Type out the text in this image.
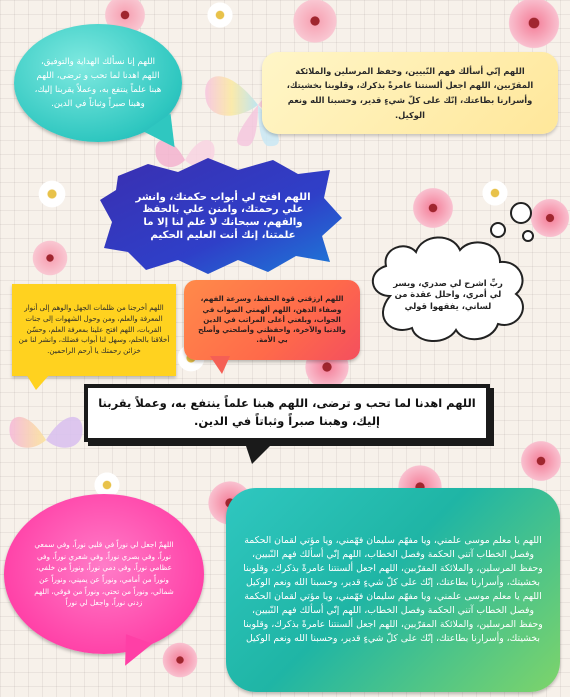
اللهم إنا نسألك الهداية والتوفيق، اللهم اهدنا لما تحب و ترضى، اللهم هبنا علماً ينتفع به، وعملاً يقربنا إليك، وهبنا صبراً وثباتاً في الدين.

اللهم إنّي أسألك فهم النّبيين، وحفظ المرسلين والملائكة المقرّبين، اللهم اجعل ألسنتنا عامرةً بذكرك، وقلوبنا بخشيتك، وأسرارنا بطاعتك، إنّك على كلّ شيءٍ قدير، وحسبنا الله ونعم الوكيل.

اللهم افتح لي أبواب حكمتك، وانشر علي رحمتك، وامنن علي بالحفظ والفهم، سبحانك لا علم لنا إلا ما علمتنا، إنك أنت العليم الحكيم

اللهم أخرجنا من ظلمات الجهل والوهم إلى أنوار المعرفة والعلم، ومن وحول الشهوات إلى جنات القربات، اللهم افتح علينا بمعرفة العلم، وحسّن أخلاقنا بالحلم، وسهل لنا أبواب فضلك، وانشر لنا من خزائن رحمتك يا أرحم الراحمين.

اللهم ارزقني قوة الحفظ، وسرعة الفهم، وصفاء الذهن، اللهم ألهمني الصواب في الجواب، وبلغني أعلى المراتب في الدين والدنيا والآخرة، واحفظني وأصلحني وأصلح بي الأمة.

ربِّ اشرح لي صدري، ويسر لي أمري، واحلل عقدة من لساني، يفقهوا قولي

اللهم اهدنا لما تحب و ترضى، اللهم هبنا علماً ينتفع به، وعملاً يقربنا إليك، وهبنا صبراً وثباتاً في الدين.

اللهمّ اجعل لي نوراً في قلبي نوراً، وفي سمعي نوراً، وفي بصري نوراً، وفي شعري نوراً، وفي عظامي نوراً، وفي دمي نوراً، ونوراً من خلفي، ونوراً من أمامي، ونوراً عن يميني، ونوراً عن شمالي، ونوراً من تحتي، ونوراً من فوقي، اللهم زدني نوراً، واجعل لي نوراً

اللهم يا معلم موسى علمني، ويا مفهّم سليمان فهّمني، ويا مؤتي لقمان الحكمة وفصل الخطاب آتني الحكمة وفصل الخطاب، اللهم إنّي أسألك فهم النّبيين، وحفظ المرسلين، والملائكة المقرّبين، اللهم اجعل ألسنتنا عامرةً بذكرك، وقلوبنا بخشيتك، وأسرارنا بطاعتك، إنّك على كلّ شيءٍ قدير، وحسبنا الله ونعم الوكيل اللهم يا معلم موسى علمني، ويا مفهّم سليمان فهّمني، ويا مؤتي لقمان الحكمة وفصل الخطاب آتني الحكمة وفصل الخطاب، اللهم إنّي أسألك فهم النّبيين، وحفظ المرسلين، والملائكة المقرّبين، اللهم اجعل ألسنتنا عامرةً بذكرك، وقلوبنا بخشيتك، وأسرارنا بطاعتك، إنّك على كلّ شيءٍ قدير، وحسبنا الله ونعم الوكيل
